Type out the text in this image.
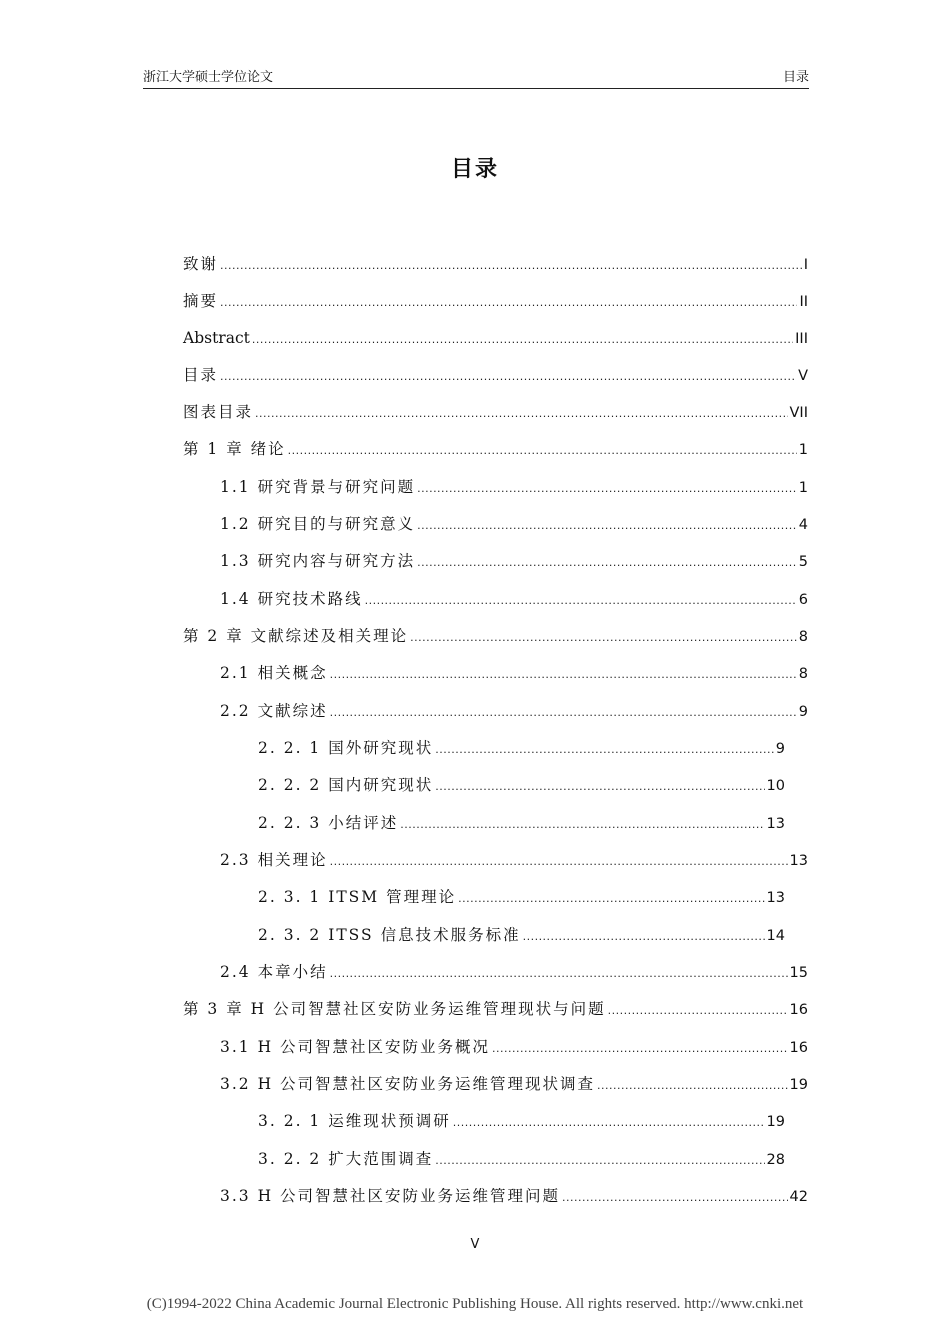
浙江大学硕士学位论文	目录
目录
致谢 .....	I
摘要 .....	II
Abstract .....	III
目录 .....	V
图表目录 .....	VII
第 1 章 绪论 .....	1
1.1 研究背景与研究问题 .....	1
1.2 研究目的与研究意义 .....	4
1.3 研究内容与研究方法 .....	5
1.4 研究技术路线 .....	6
第 2 章 文献综述及相关理论 .....	8
2.1 相关概念 .....	8
2.2 文献综述 .....	9
2. 2. 1 国外研究现状 .....	9
2. 2. 2 国内研究现状 .....	10
2. 2. 3 小结评述 .....	13
2.3 相关理论 .....	13
2. 3. 1 ITSM 管理理论 .....	13
2. 3. 2 ITSS 信息技术服务标准 .....	14
2.4 本章小结 .....	15
第 3 章 H 公司智慧社区安防业务运维管理现状与问题 .....	16
3.1 H 公司智慧社区安防业务概况 .....	16
3.2 H 公司智慧社区安防业务运维管理现状调查 .....	19
3. 2. 1 运维现状预调研 .....	19
3. 2. 2 扩大范围调查 .....	28
3.3 H 公司智慧社区安防业务运维管理问题 .....	42
V
(C)1994-2022 China Academic Journal Electronic Publishing House. All rights reserved. http://www.cnki.net
